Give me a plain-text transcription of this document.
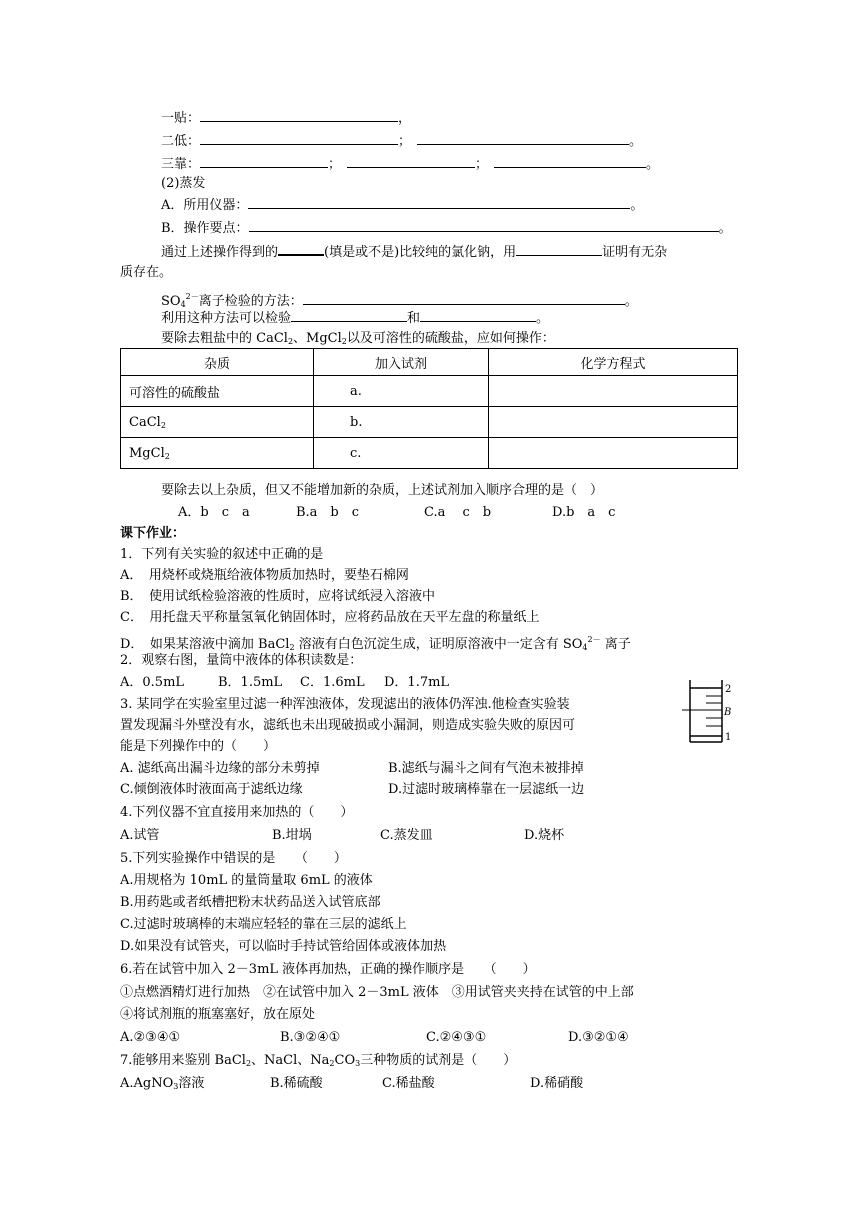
一贴：	，
二低：	；	。
三靠：	；	；	。
(2)蒸发
A．所用仪器：	。
B．操作要点：	。
通过上述操作得到的	(填是或不是)比较纯的氯化钠，用	证明有无杂
质存在。
$SO_4^{2-}$离子检验的方法：	。
利用这种方法可以检验	和	。
要除去粗盐中的 CaCl$_2$、MgCl$_2$以及可溶性的硫酸盐，应如何操作：
杂质	加入试剂	化学方程式
可溶性的硫酸盐	a.	
CaCl$_2$	b.	
MgCl$_2$	c.	
要除去以上杂质，但又不能增加新的杂质，上述试剂加入顺序合理的是（　）
A．b　c　a	B.a　b　c	C.a　 c　b	D.b　a　c
课下作业：
1．下列有关实验的叙述中正确的是
A．　用烧杯或烧瓶给液体物质加热时，要垫石棉网
B．　使用试纸检验溶液的性质时，应将试纸浸入溶液中
C．　用托盘天平称量氢氧化钠固体时，应将药品放在天平左盘的称量纸上
D．　如果某溶液中滴加 BaCl$_2$ 溶液有白色沉淀生成，证明原溶液中一定含有 $SO_4^{2-}$ 离子
2．观察右图，量筒中液体的体积读数是：
A．0.5mL	B．1.5mL C．1.6mL D．1.7mL	2
B
1
3. 某同学在实验室里过滤一种浑浊液体，发现滤出的液体仍浑浊.他检查实验装
置发现漏斗外壁没有水，滤纸也未出现破损或小漏洞，则造成实验失败的原因可
能是下列操作中的（　　）
A. 滤纸高出漏斗边缘的部分未剪掉	B.滤纸与漏斗之间有气泡未被排掉
C.倾倒液体时液面高于滤纸边缘	D.过滤时玻璃棒靠在一层滤纸一边
4.下列仪器不宜直接用来加热的（　　）
A.试管	B.坩埚	C.蒸发皿	D.烧杯
5.下列实验操作中错误的是　　（　　）
A.用规格为 10mL 的量筒量取 6mL 的液体
B.用药匙或者纸槽把粉末状药品送入试管底部
C.过滤时玻璃棒的末端应轻轻的靠在三层的滤纸上
D.如果没有试管夹，可以临时手持试管给固体或液体加热
6.若在试管中加入 2－3mL 液体再加热，正确的操作顺序是　　（　　）
①点燃酒精灯进行加热　②在试管中加入 2－3mL 液体　③用试管夹夹持在试管的中上部
④将试剂瓶的瓶塞塞好，放在原处
A.②③④①	B.③②④①	C.②④③①	D.③②①④
7.能够用来鉴别 BaCl$_2$、NaCl、$Na_2CO_3$三种物质的试剂是（　　）
A.AgNO$_3$溶液	B.稀硫酸	C.稀盐酸	D.稀硝酸
